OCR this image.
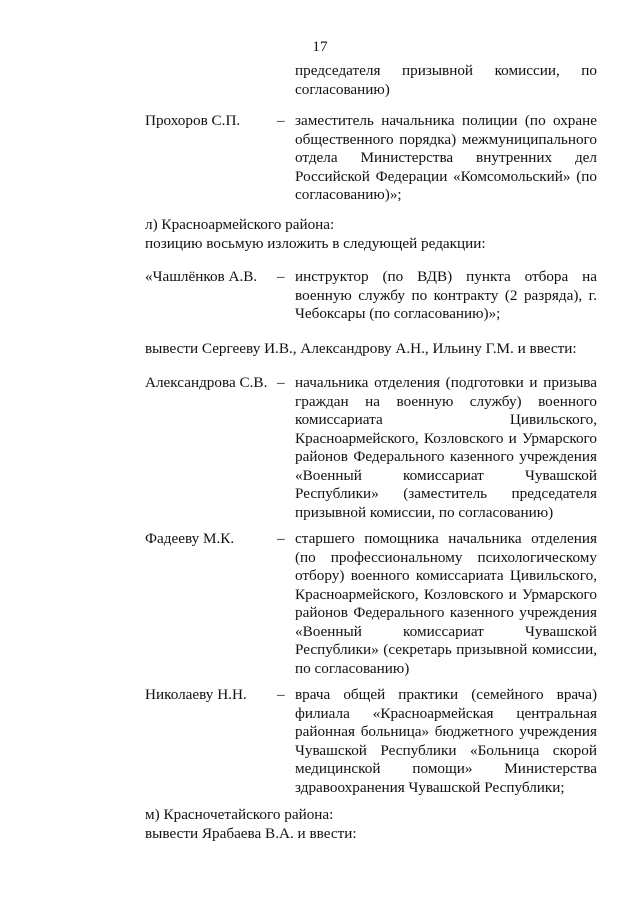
17
председателя призывной комиссии, по согласованию)
Прохоров С.П.	– заместитель начальника полиции (по охране общественного порядка) межмуниципального отдела Министерства внутренних дел Российской Федерации «Комсомольский» (по согласованию)»;
л) Красноармейского района:
позицию восьмую изложить в следующей редакции:
«Чашлёнков А.В.	– инструктор (по ВДВ) пункта отбора на военную службу по контракту (2 разряда), г. Чебоксары (по согласованию)»;
вывести Сергееву И.В., Александрову А.Н., Ильину Г.М. и ввести:
Александрова С.В. – начальника отделения (подготовки и призыва граждан на военную службу) военного комиссариата Цивильского, Красноармейского, Козловского и Урмарского районов Федерального казенного учреждения «Военный комиссариат Чувашской Республики» (заместитель председателя призывной комиссии, по согласованию)
Фадееву М.К.	– старшего помощника начальника отделения (по профессиональному психологическому отбору) военного комиссариата Цивильского, Красноармейского, Козловского и Урмарского районов Федерального казенного учреждения «Военный комиссариат Чувашской Республики» (секретарь призывной комиссии, по согласованию)
Николаеву Н.Н.	– врача общей практики (семейного врача) филиала «Красноармейская центральная районная больница» бюджетного учреждения Чувашской Республики «Больница скорой медицинской помощи» Министерства здравоохранения Чувашской Республики;
м) Красночетайского района:
вывести Ярабаева В.А. и ввести:
